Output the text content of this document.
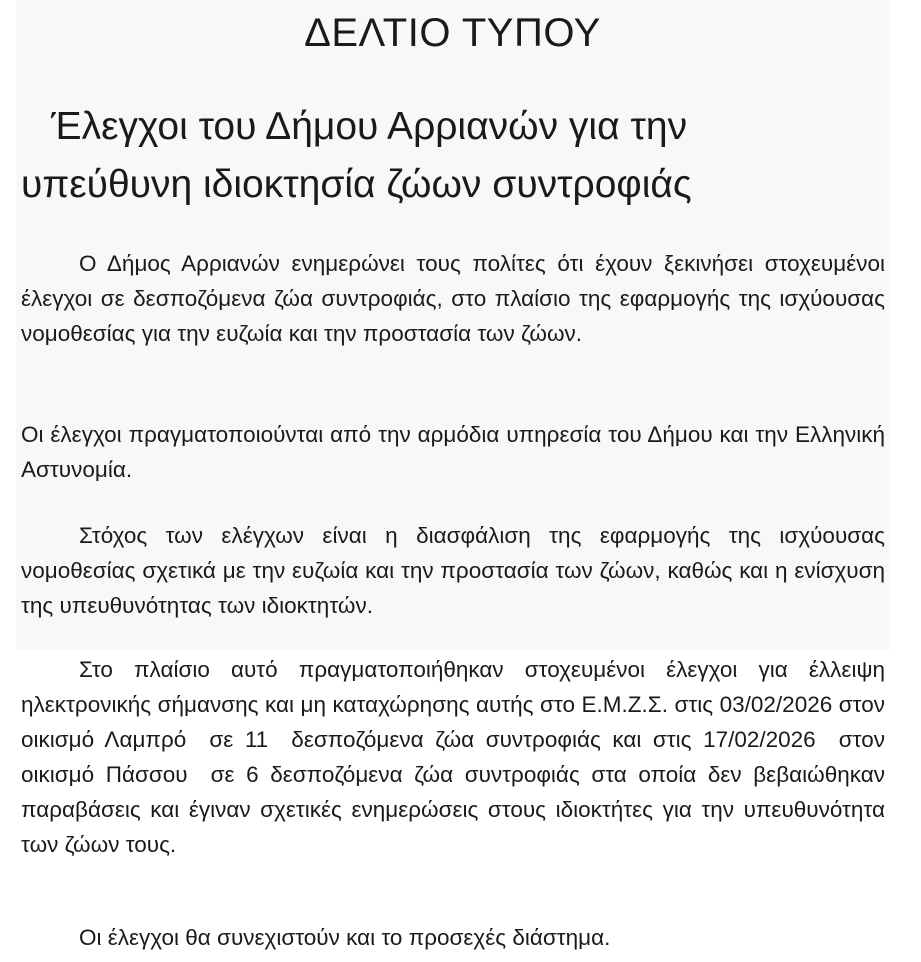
ΔΕΛΤΙΟ ΤΥΠΟΥ
Έλεγχοι του Δήμου Αρριανών για την
υπεύθυνη ιδιοκτησία ζώων συντροφιάς

Ο Δήμος Αρριανών ενημερώνει τους πολίτες ότι έχουν ξεκινήσει στοχευμένοι έλεγχοι σε δεσποζόμενα ζώα συντροφιάς, στο πλαίσιο της εφαρμογής της ισχύουσας νομοθεσίας για την ευζωία και την προστασία των ζώων.

Οι έλεγχοι πραγματοποιούνται από την αρμόδια υπηρεσία του Δήμου και την Ελληνική Αστυνομία.

Στόχος των ελέγχων είναι η διασφάλιση της εφαρμογής της ισχύουσας νομοθεσίας σχετικά με την ευζωία και την προστασία των ζώων, καθώς και η ενίσχυση της υπευθυνότητας των ιδιοκτητών.

Στο πλαίσιο αυτό πραγματοποιήθηκαν στοχευμένοι έλεγχοι για έλλειψη ηλεκτρονικής σήμανσης και μη καταχώρησης αυτής στο Ε.Μ.Ζ.Σ. στις 03/02/2026 στον οικισμό Λαμπρό  σε 11  δεσποζόμενα ζώα συντροφιάς και στις 17/02/2026  στον οικισμό Πάσσου  σε 6 δεσποζόμενα ζώα συντροφιάς στα οποία δεν βεβαιώθηκαν παραβάσεις και έγιναν σχετικές ενημερώσεις στους ιδιοκτήτες για την υπευθυνότητα των ζώων τους.

Οι έλεγχοι θα συνεχιστούν και το προσεχές διάστημα.
